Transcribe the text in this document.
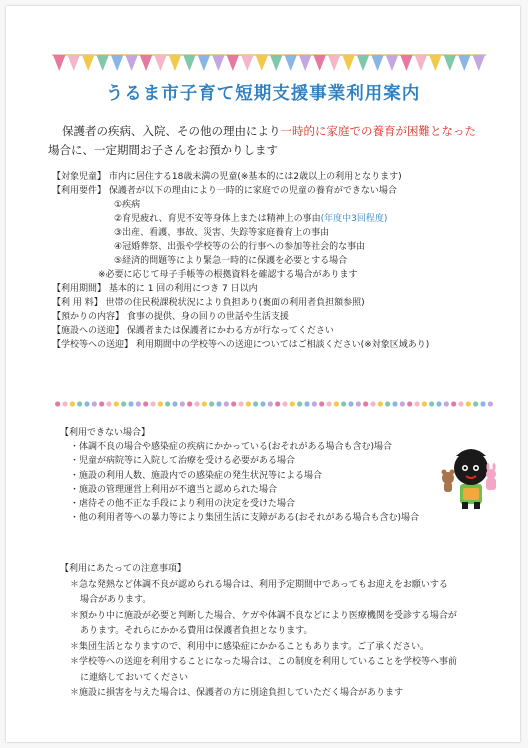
うるま市子育て短期支援事業利用案内
保護者の疾病、入院、その他の理由により一時的に家庭での養育が困難となった
場合に、一定期間お子さんをお預かりします
【対象児童】 市内に居住する18歳未満の児童(※基本的には2歳以上の利用となります)
【利用要件】 保護者が以下の理由により一時的に家庭での児童の養育ができない場合
①疾病
②育児疲れ、育児不安等身体上または精神上の事由(年度中3回程度)
③出産、看護、事故、災害、失踪等家庭養育上の事由
④冠婚葬祭、出張や学校等の公的行事への参加等社会的な事由
⑤経済的問題等により緊急一時的に保護を必要とする場合
※必要に応じて母子手帳等の根拠資料を確認する場合があります
【利用期間】 基本的に 1 回の利用につき 7 日以内
【利 用 料】 世帯の住民税課税状況により負担あり(裏面の利用者負担額参照)
【預かりの内容】 食事の提供、身の回りの世話や生活支援
【施設への送迎】 保護者または保護者にかわる方が行なってください
【学校等への送迎】 利用期間中の学校等への送迎についてはご相談ください(※対象区域あり)
【利用できない場合】
・体調不良の場合や感染症の疾病にかかっている(おそれがある場合も含む)場合
・児童が病院等に入院して治療を受ける必要がある場合
・施設の利用人数、施設内での感染症の発生状況等による場合
・施設の管理運営上利用が不適当と認められた場合
・虐待その他不正な手段により利用の決定を受けた場合
・他の利用者等への暴力等により集団生活に支障がある(おそれがある場合も含む)場合
【利用にあたっての注意事項】
＊急な発熱など体調不良が認められる場合は、利用予定期間中であってもお迎えをお願いする
場合があります。
＊預かり中に施設が必要と判断した場合、ケガや体調不良などにより医療機関を受診する場合が
あります。それらにかかる費用は保護者負担となります。
＊集団生活となりますので、利用中に感染症にかかることもあります。ご了承ください。
＊学校等への送迎を利用することになった場合は、この制度を利用していることを学校等へ事前
に連絡しておいてください
＊施設に損害を与えた場合は、保護者の方に別途負担していただく場合があります
